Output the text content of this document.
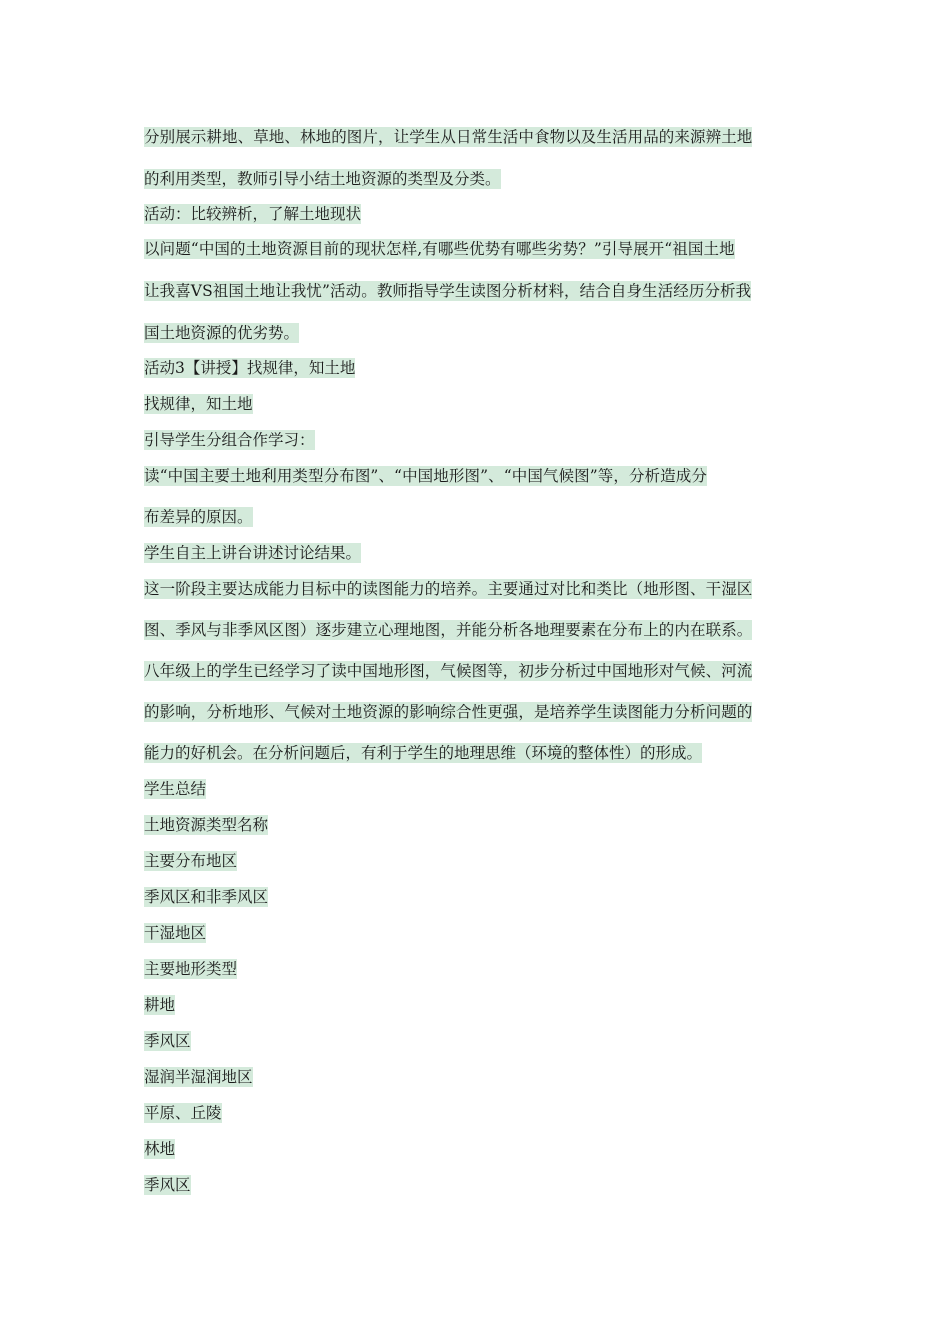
分别展示耕地、草地、林地的图片，让学生从日常生活中食物以及生活用品的来源辨土地
的利用类型，教师引导小结土地资源的类型及分类。
活动：比较辨析，了解土地现状
以问题“中国的土地资源目前的现状怎样,有哪些优势有哪些劣势？”引导展开“祖国土地
让我喜VS祖国土地让我忧”活动。教师指导学生读图分析材料，结合自身生活经历分析我
国土地资源的优劣势。
活动3【讲授】找规律，知土地
找规律，知土地
引导学生分组合作学习：
读“中国主要土地利用类型分布图”、“中国地形图”、“中国气候图”等，分析造成分
布差异的原因。
学生自主上讲台讲述讨论结果。
这一阶段主要达成能力目标中的读图能力的培养。主要通过对比和类比（地形图、干湿区
图、季风与非季风区图）逐步建立心理地图，并能分析各地理要素在分布上的内在联系。
八年级上的学生已经学习了读中国地形图，气候图等，初步分析过中国地形对气候、河流
的影响，分析地形、气候对土地资源的影响综合性更强，是培养学生读图能力分析问题的
能力的好机会。在分析问题后，有利于学生的地理思维（环境的整体性）的形成。
学生总结
土地资源类型名称
主要分布地区
季风区和非季风区
干湿地区
主要地形类型
耕地
季风区
湿润半湿润地区
平原、丘陵
林地
季风区
